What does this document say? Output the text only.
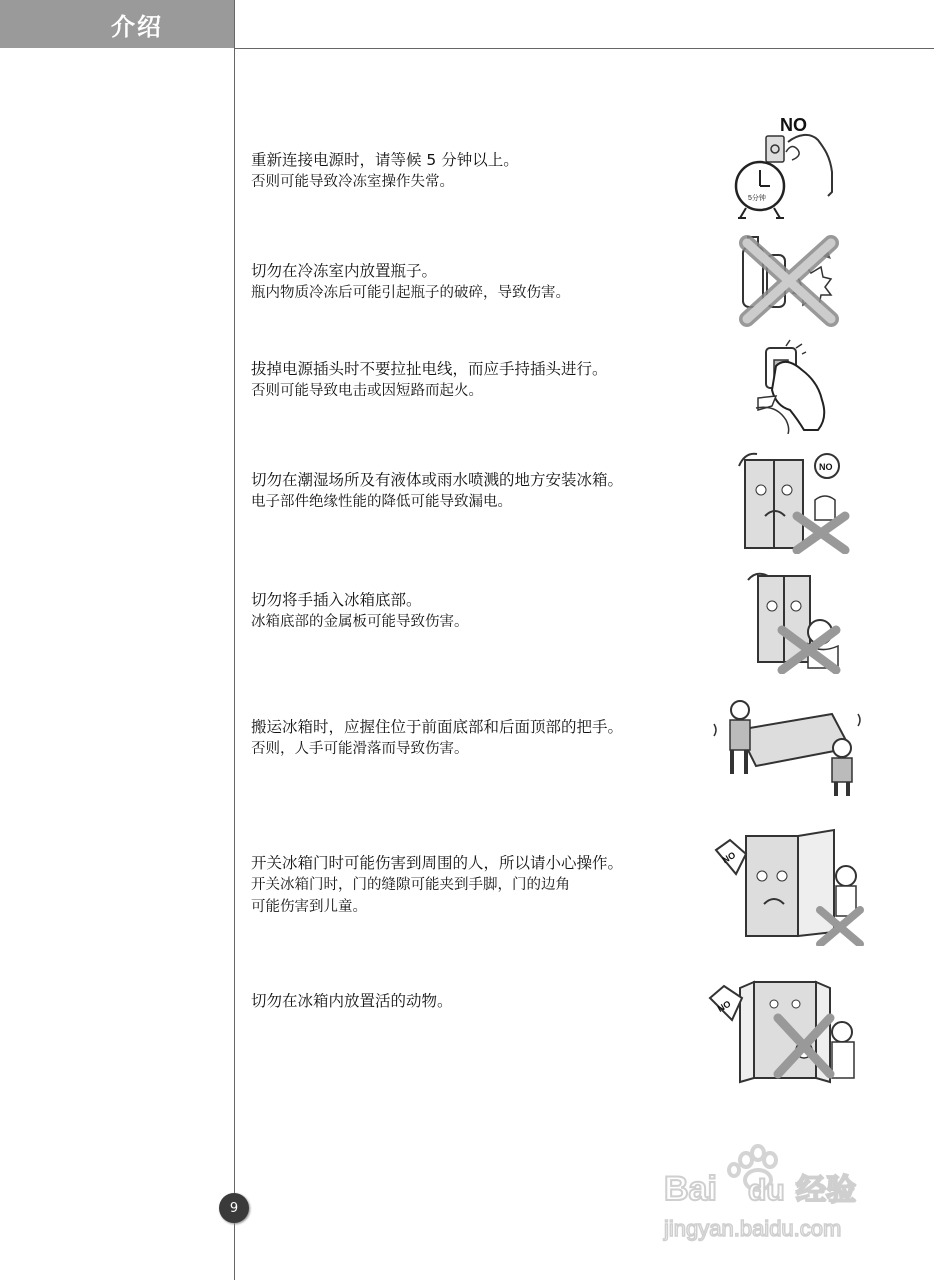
介绍
重新连接电源时，请等候 5 分钟以上。
否则可能导致冷冻室操作失常。
NO
5分钟
切勿在冷冻室内放置瓶子。
瓶内物质冷冻后可能引起瓶子的破碎，导致伤害。
拔掉电源插头时不要拉扯电线，而应手持插头进行。
否则可能导致电击或因短路而起火。
切勿在潮湿场所及有液体或雨水喷溅的地方安装冰箱。
电子部件绝缘性能的降低可能导致漏电。
NO
切勿将手插入冰箱底部。
冰箱底部的金属板可能导致伤害。
搬运冰箱时，应握住位于前面底部和后面顶部的把手。
否则，人手可能滑落而导致伤害。
开关冰箱门时可能伤害到周围的人，所以请小心操作。
开关冰箱门时，门的缝隙可能夹到手脚，门的边角
可能伤害到儿童。
NO
切勿在冰箱内放置活的动物。	NO
9	Bai du 经验
jingyan.baidu.com
